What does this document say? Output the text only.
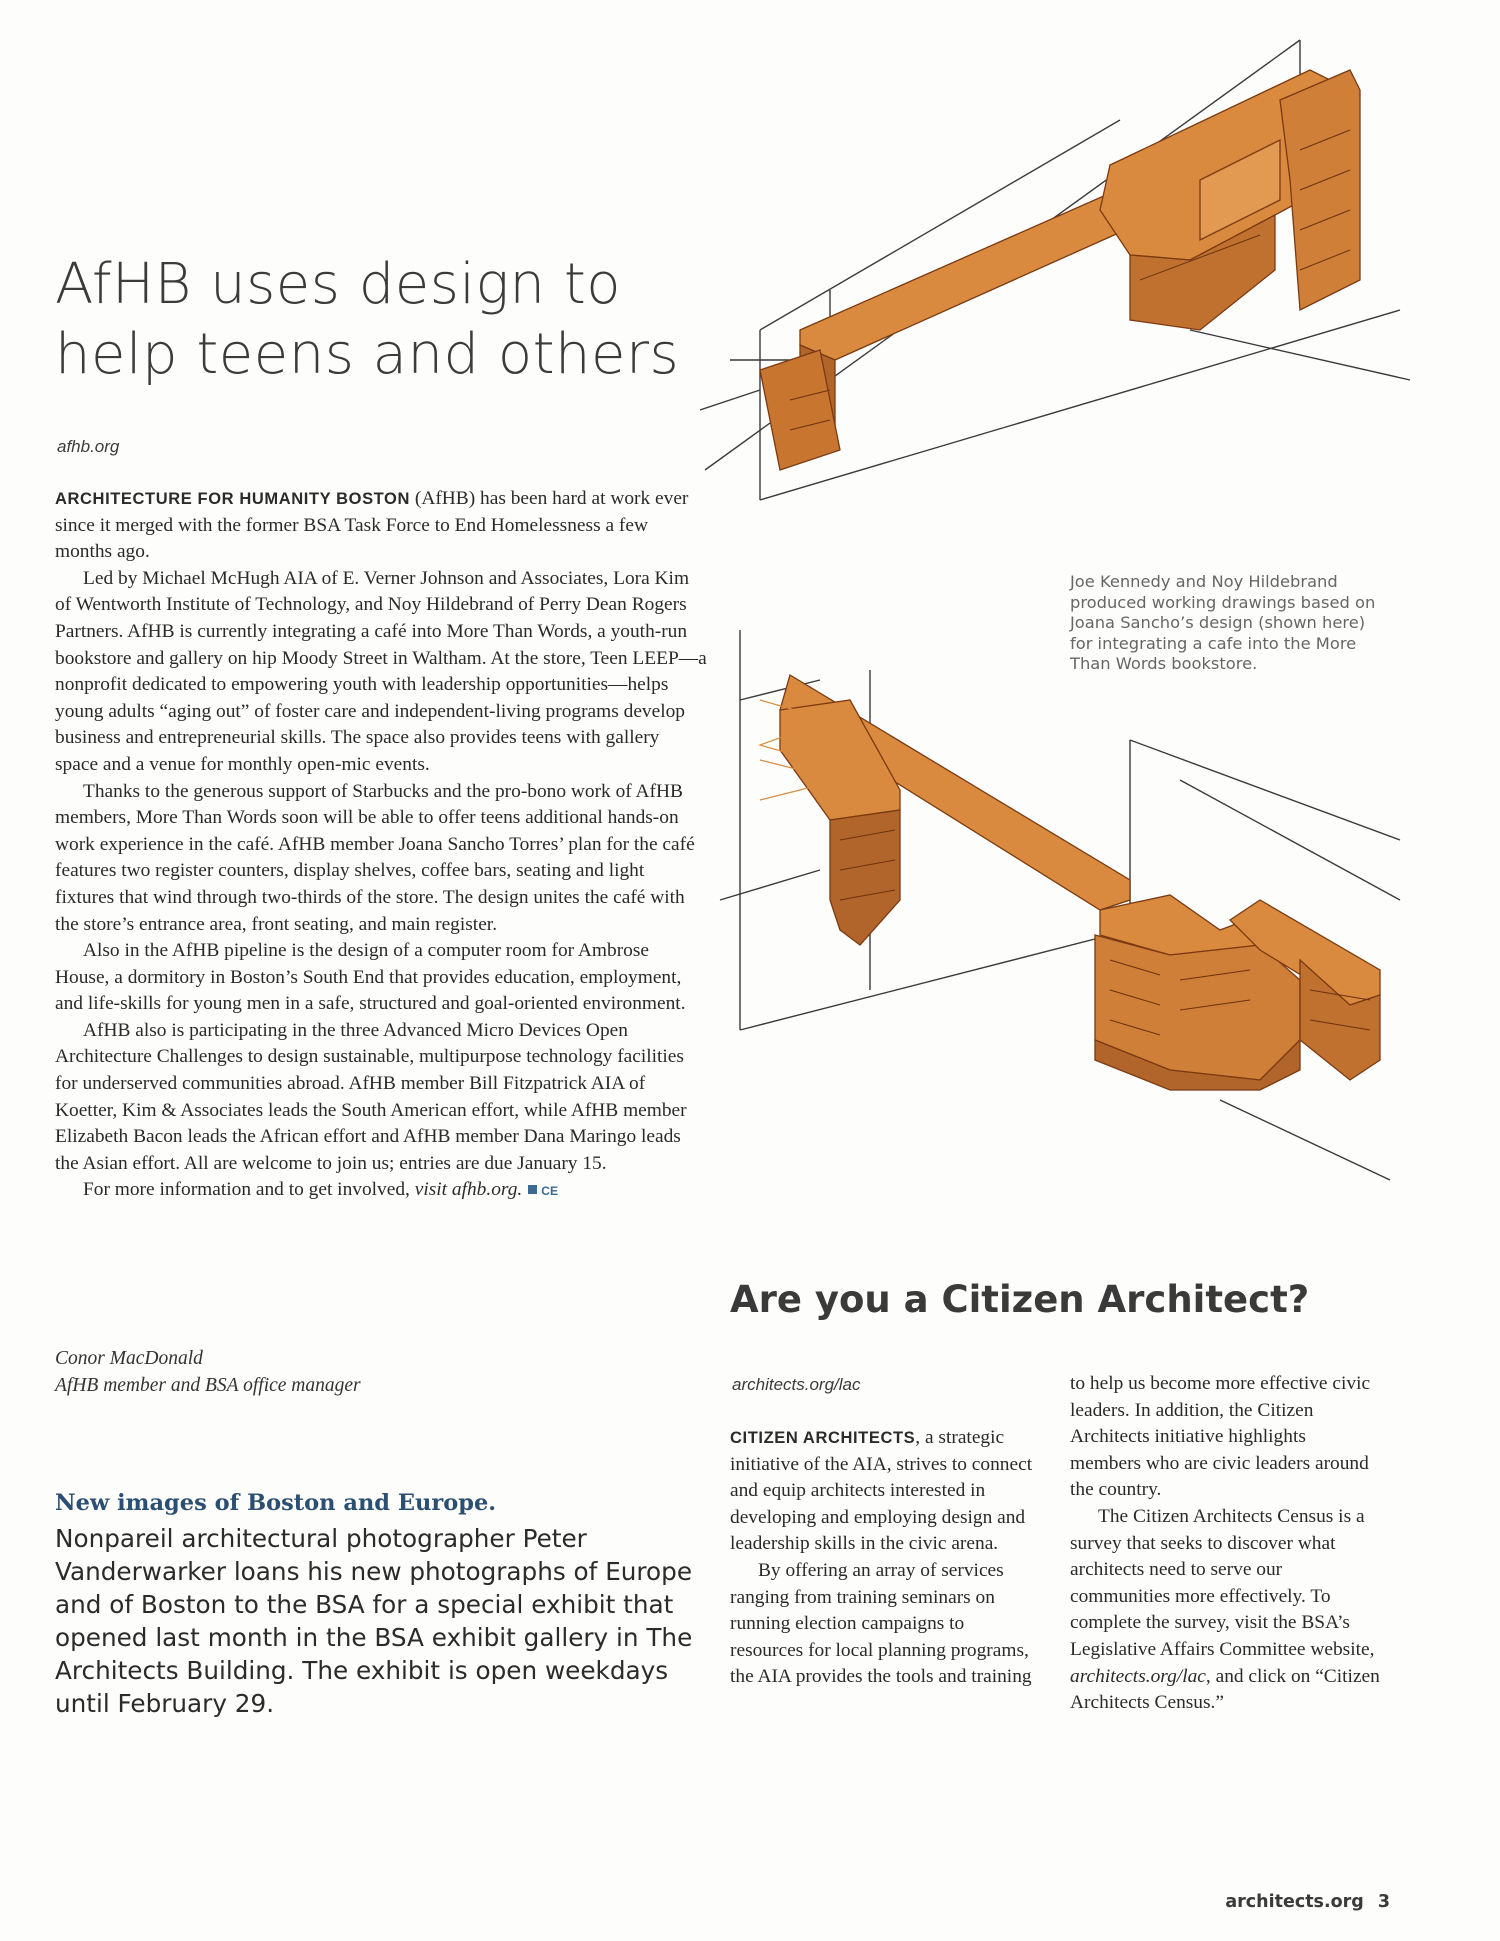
AfHB uses design to
help teens and others
afhb.org

ARCHITECTURE FOR HUMANITY BOSTON (AfHB) has been hard at work ever since it merged with the former BSA Task Force to End Homelessness a few months ago.

Led by Michael McHugh AIA of E. Verner Johnson and Associates, Lora Kim of Wentworth Institute of Technology, and Noy Hildebrand of Perry Dean Rogers Partners. AfHB is currently integrating a café into More Than Words, a youth-run bookstore and gallery on hip Moody Street in Waltham. At the store, Teen LEEP—a nonprofit dedicated to empowering youth with leadership opportunities—helps young adults “aging out” of foster care and independent-living programs develop business and entrepreneurial skills. The space also provides teens with gallery space and a venue for monthly open-mic events.

Thanks to the generous support of Starbucks and the pro-bono work of AfHB members, More Than Words soon will be able to offer teens additional hands-on work experience in the café. AfHB member Joana Sancho Torres’ plan for the café features two register counters, display shelves, coffee bars, seating and light fixtures that wind through two-thirds of the store. The design unites the café with the store’s entrance area, front seating, and main register.

Also in the AfHB pipeline is the design of a computer room for Ambrose House, a dormitory in Boston’s South End that provides education, employment, and life-skills for young men in a safe, structured and goal-oriented environment.

AfHB also is participating in the three Advanced Micro Devices Open Architecture Challenges to design sustainable, multipurpose technology facilities for underserved communities abroad. AfHB member Bill Fitzpatrick AIA of Koetter, Kim & Associates leads the South American effort, while AfHB member Elizabeth Bacon leads the African effort and AfHB member Dana Maringo leads the Asian effort. All are welcome to join us; entries are due January 15.

For more information and to get involved, visit afhb.org. CE

Conor MacDonald
AfHB member and BSA office manager
New images of Boston and Europe.
Nonpareil architectural photographer Peter Vanderwarker loans his new photographs of Europe and of Boston to the BSA for a special exhibit that opened last month in the BSA exhibit gallery in The Architects Building. The exhibit is open weekdays until February 29.
Joe Kennedy and Noy Hildebrand produced working drawings based on Joana Sancho’s design (shown here) for integrating a cafe into the More Than Words bookstore.
Are you a Citizen Architect?
architects.org/lac

CITIZEN ARCHITECTS, a strategic initiative of the AIA, strives to connect and equip architects interested in developing and employing design and leadership skills in the civic arena.

By offering an array of services ranging from training seminars on running election campaigns to resources for local planning programs, the AIA provides the tools and training

to help us become more effective civic leaders. In addition, the Citizen Architects initiative highlights members who are civic leaders around the country.

The Citizen Architects Census is a survey that seeks to discover what architects need to serve our communities more effectively. To complete the survey, visit the BSA’s Legislative Affairs Committee website, architects.org/lac, and click on “Citizen Architects Census.”

architects.org 3
